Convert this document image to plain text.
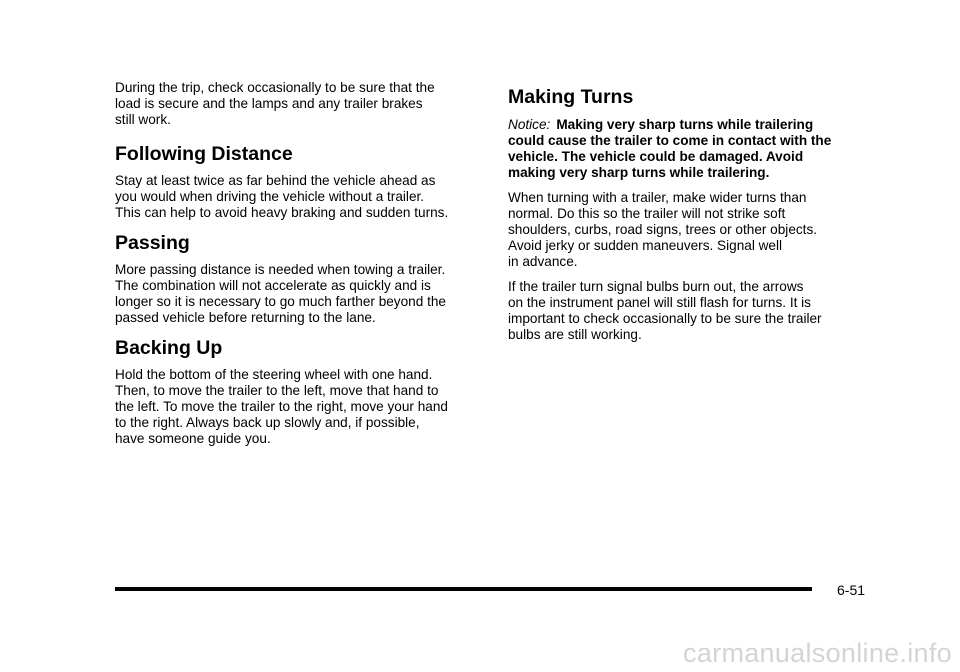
During the trip, check occasionally to be sure that the
load is secure and the lamps and any trailer brakes
still work.

Following Distance

Stay at least twice as far behind the vehicle ahead as
you would when driving the vehicle without a trailer.
This can help to avoid heavy braking and sudden turns.

Passing

More passing distance is needed when towing a trailer.
The combination will not accelerate as quickly and is
longer so it is necessary to go much farther beyond the
passed vehicle before returning to the lane.

Backing Up

Hold the bottom of the steering wheel with one hand.
Then, to move the trailer to the left, move that hand to
the left. To move the trailer to the right, move your hand
to the right. Always back up slowly and, if possible,
have someone guide you.

Making Turns

Notice: Making very sharp turns while trailering
could cause the trailer to come in contact with the
vehicle. The vehicle could be damaged. Avoid
making very sharp turns while trailering.

When turning with a trailer, make wider turns than
normal. Do this so the trailer will not strike soft
shoulders, curbs, road signs, trees or other objects.
Avoid jerky or sudden maneuvers. Signal well
in advance.

If the trailer turn signal bulbs burn out, the arrows
on the instrument panel will still flash for turns. It is
important to check occasionally to be sure the trailer
bulbs are still working.

6-51
carmanualsonline.info
